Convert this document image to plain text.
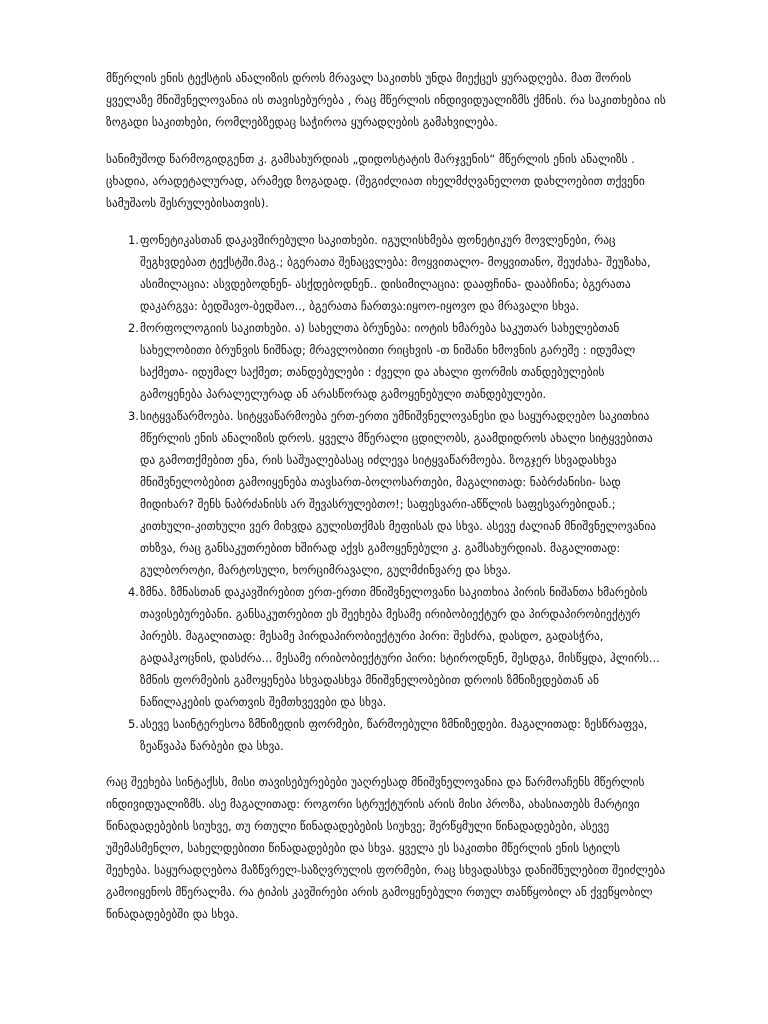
მწერლის ენის ტექსტის ანალიზის დროს მრავალ საკითხს უნდა მიექცეს ყურადღება. მათ შორის ყველაზე მნიშვნელოვანია ის თავისებურება , რაც მწერლის ინდივიდუალიზმს ქმნის. რა საკითხებია ის ზოგადი საკითხები, რომლებზედაც საჭიროა ყურადღების გამახვილება.

სანიმუშოდ წარმოგიდგენთ კ. გამსახურდიას „დიდოსტატის მარჯვენის“ მწერლის ენის ანალიზს . ცხადია, არადეტალურად, არამედ ზოგადად. (შეგიძლიათ იხელმძღვანელოთ დახლოებით თქვენი სამუშაოს შესრულებისათვის).

1. ფონეტიკასთან დაკავშირებული საკითხები. იგულისხმება ფონეტიკურ მოვლენები, რაც შეგხვდებათ ტექსტში.მაგ.; ბგერათა შენაცვლება: მოყვითალო- მოყვითანო, შეუძახა- შეუზახა, ასიმილაცია: ასვდებოდნენ- ასქდებოდნენ.. დისიმილაცია: დააფჩინა- დააბჩინა; ბგერათა დაკარგვა: ბედშავო-ბედშაო.., ბგერათა ჩართვა:იყოო-იყოვო და მრავალი სხვა.
2. მორფოლოგიის საკითხები. ა) სახელთა ბრუნება: იოტის ხმარება საკუთარ სახელებთან სახელობითი ბრუნვის ნიშნად; მრავლობითი რიცხვის -თ ნიშანი ხმოვნის გარეშე : იდუმალ საქმეთა- იდუმალ საქმეთ; თანდებულები : ძველი და ახალი ფორმის თანდებულების გამოყენება პარალელურად ან არასწორად გამოყენებული თანდებულები.
3. სიტყვაწარმოება. სიტყვაწარმოება ერთ-ერთი უმნიშვნელოვანესი და საყურადღებო საკითხია მწერლის ენის ანალიზის დროს. ყველა მწერალი ცდილობს, გაამდიდროს ახალი სიტყვებითა და გამოთქმებით ენა, რის საშუალებასაც იძლევა სიტყვაწარმოება. ზოგჯერ სხვადასხვა მნიშვნელობებით გამოიყენება თავსართ-ბოლოსართები, მაგალითად: ნაბრძანისი- სად მიდიხარ? შენს ნაბრძანისს არ შევასრულებთო!; საფესვარი-აწწლის საფესვარებიდან.; კითხული-კითხული ვერ მიხვდა გულისთქმას მეფისას და სხვა. ასევე ძალიან მნიშვნელოვანია თხზვა, რაც განსაკუთრებით ხშირად აქვს გამოყენებული კ. გამსახურდიას. მაგალითად: გულბოროტი, მარტოსული, ხორციმრავალი, გულმძინვარე და სხვა.
4. ზმნა. ზმნასთან დაკავშირებით ერთ-ერთი მნიშვნელოვანი საკითხია პირის ნიშანთა ხმარების თავისებურებანი. განსაკუთრებით ეს შეეხება მესამე ირიბობიექტურ და პირდაპირობიექტურ პირებს. მაგალითად: მესამე პირდაპირობიექტური პირი: შესძრა, დასდო, გადასჭრა, გადაჰკოცნის, დასძრა... მესამე ირიბობიექტური პირი: სტიროდნენ, შესდგა, მისწყდა, ჰლირს... ზმნის ფორმების გამოყენება სხვადასხვა მნიშვნელობებით დროის ზმნიზედებთან ან ნაწილაკების დართვის შემთხვევები და სხვა.
5. ასევე საინტერესოა ზმნიზედის ფორმები, წარმოებული ზმნიზედები. მაგალითად: ზესწრაფვა, ზეაწვაპა წარბები და სხვა.

რაც შეეხება სინტაქსს, მისი თავისებურებები უაღრესად მნიშვნელოვანია და წარმოაჩენს მწერლის ინდივიდუალიზმს. ასე მაგალითად: როგორი სტრუქტურის არის მისი პროზა, ახასიათებს მარტივი წინადადებების სიუხვე, თუ რთული წინადადებების სიუხვე; შერწყმული წინადადებები, ასევე უშემასმენლო, სახელდებითი წინადადებები და სხვა. ყველა ეს საკითხი მწერლის ენის სტილს შეეხება. საყურადღებოა მაზწვრელ-საზღვრულის ფორმები, რაც სხვადასხვა დანიშნულებით შეიძლება გამოიყენოს მწერალმა. რა ტიპის კავშირები არის გამოყენებული რთულ თანწყობილ ან ქვეწყობილ წინადადებებში და სხვა.
